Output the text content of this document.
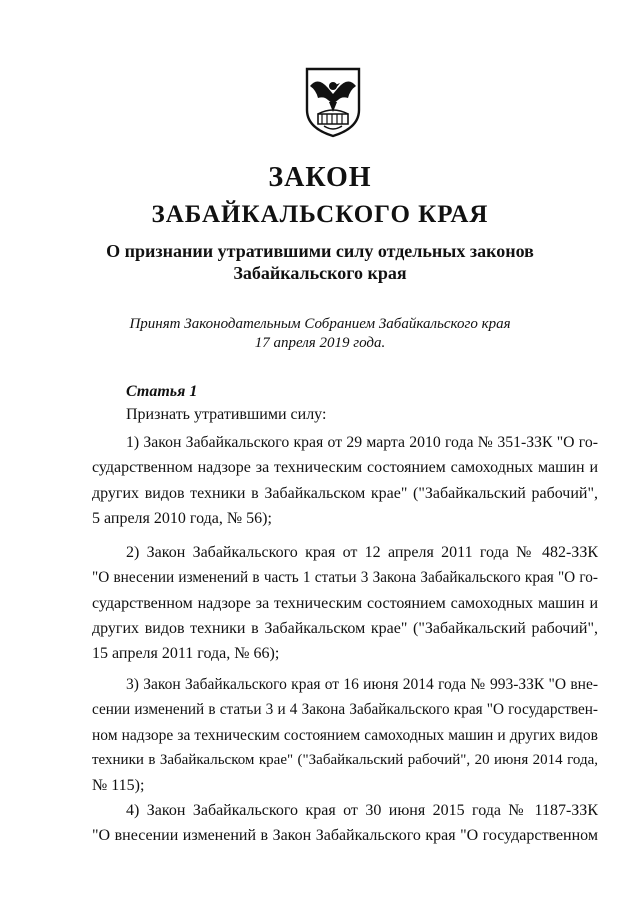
ЗАКОН
ЗАБАЙКАЛЬСКОГО КРАЯ
О признании утратившими силу отдельных законов
Забайкальского края
Принят Законодательным Собранием Забайкальского края
17 апреля 2019 года.
Статья 1
Признать утратившими силу:
1) Закон Забайкальского края от 29 марта 2010 года № 351-ЗЗК "О го-
сударственном надзоре за техническим состоянием самоходных машин и
других видов техники в Забайкальском крае" ("Забайкальский рабочий",
5 апреля 2010 года, № 56);
2) Закон Забайкальского края от 12 апреля 2011 года № 482-ЗЗК
"О внесении изменений в часть 1 статьи 3 Закона Забайкальского края "О го-
сударственном надзоре за техническим состоянием самоходных машин и
других видов техники в Забайкальском крае" ("Забайкальский рабочий",
15 апреля 2011 года, № 66);
3) Закон Забайкальского края от 16 июня 2014 года № 993-ЗЗК "О вне-
сении изменений в статьи 3 и 4 Закона Забайкальского края "О государствен-
ном надзоре за техническим состоянием самоходных машин и других видов
техники в Забайкальском крае" ("Забайкальский рабочий", 20 июня 2014 года,
№ 115);
4) Закон Забайкальского края от 30 июня 2015 года № 1187-ЗЗК
"О внесении изменений в Закон Забайкальского края "О государственном
